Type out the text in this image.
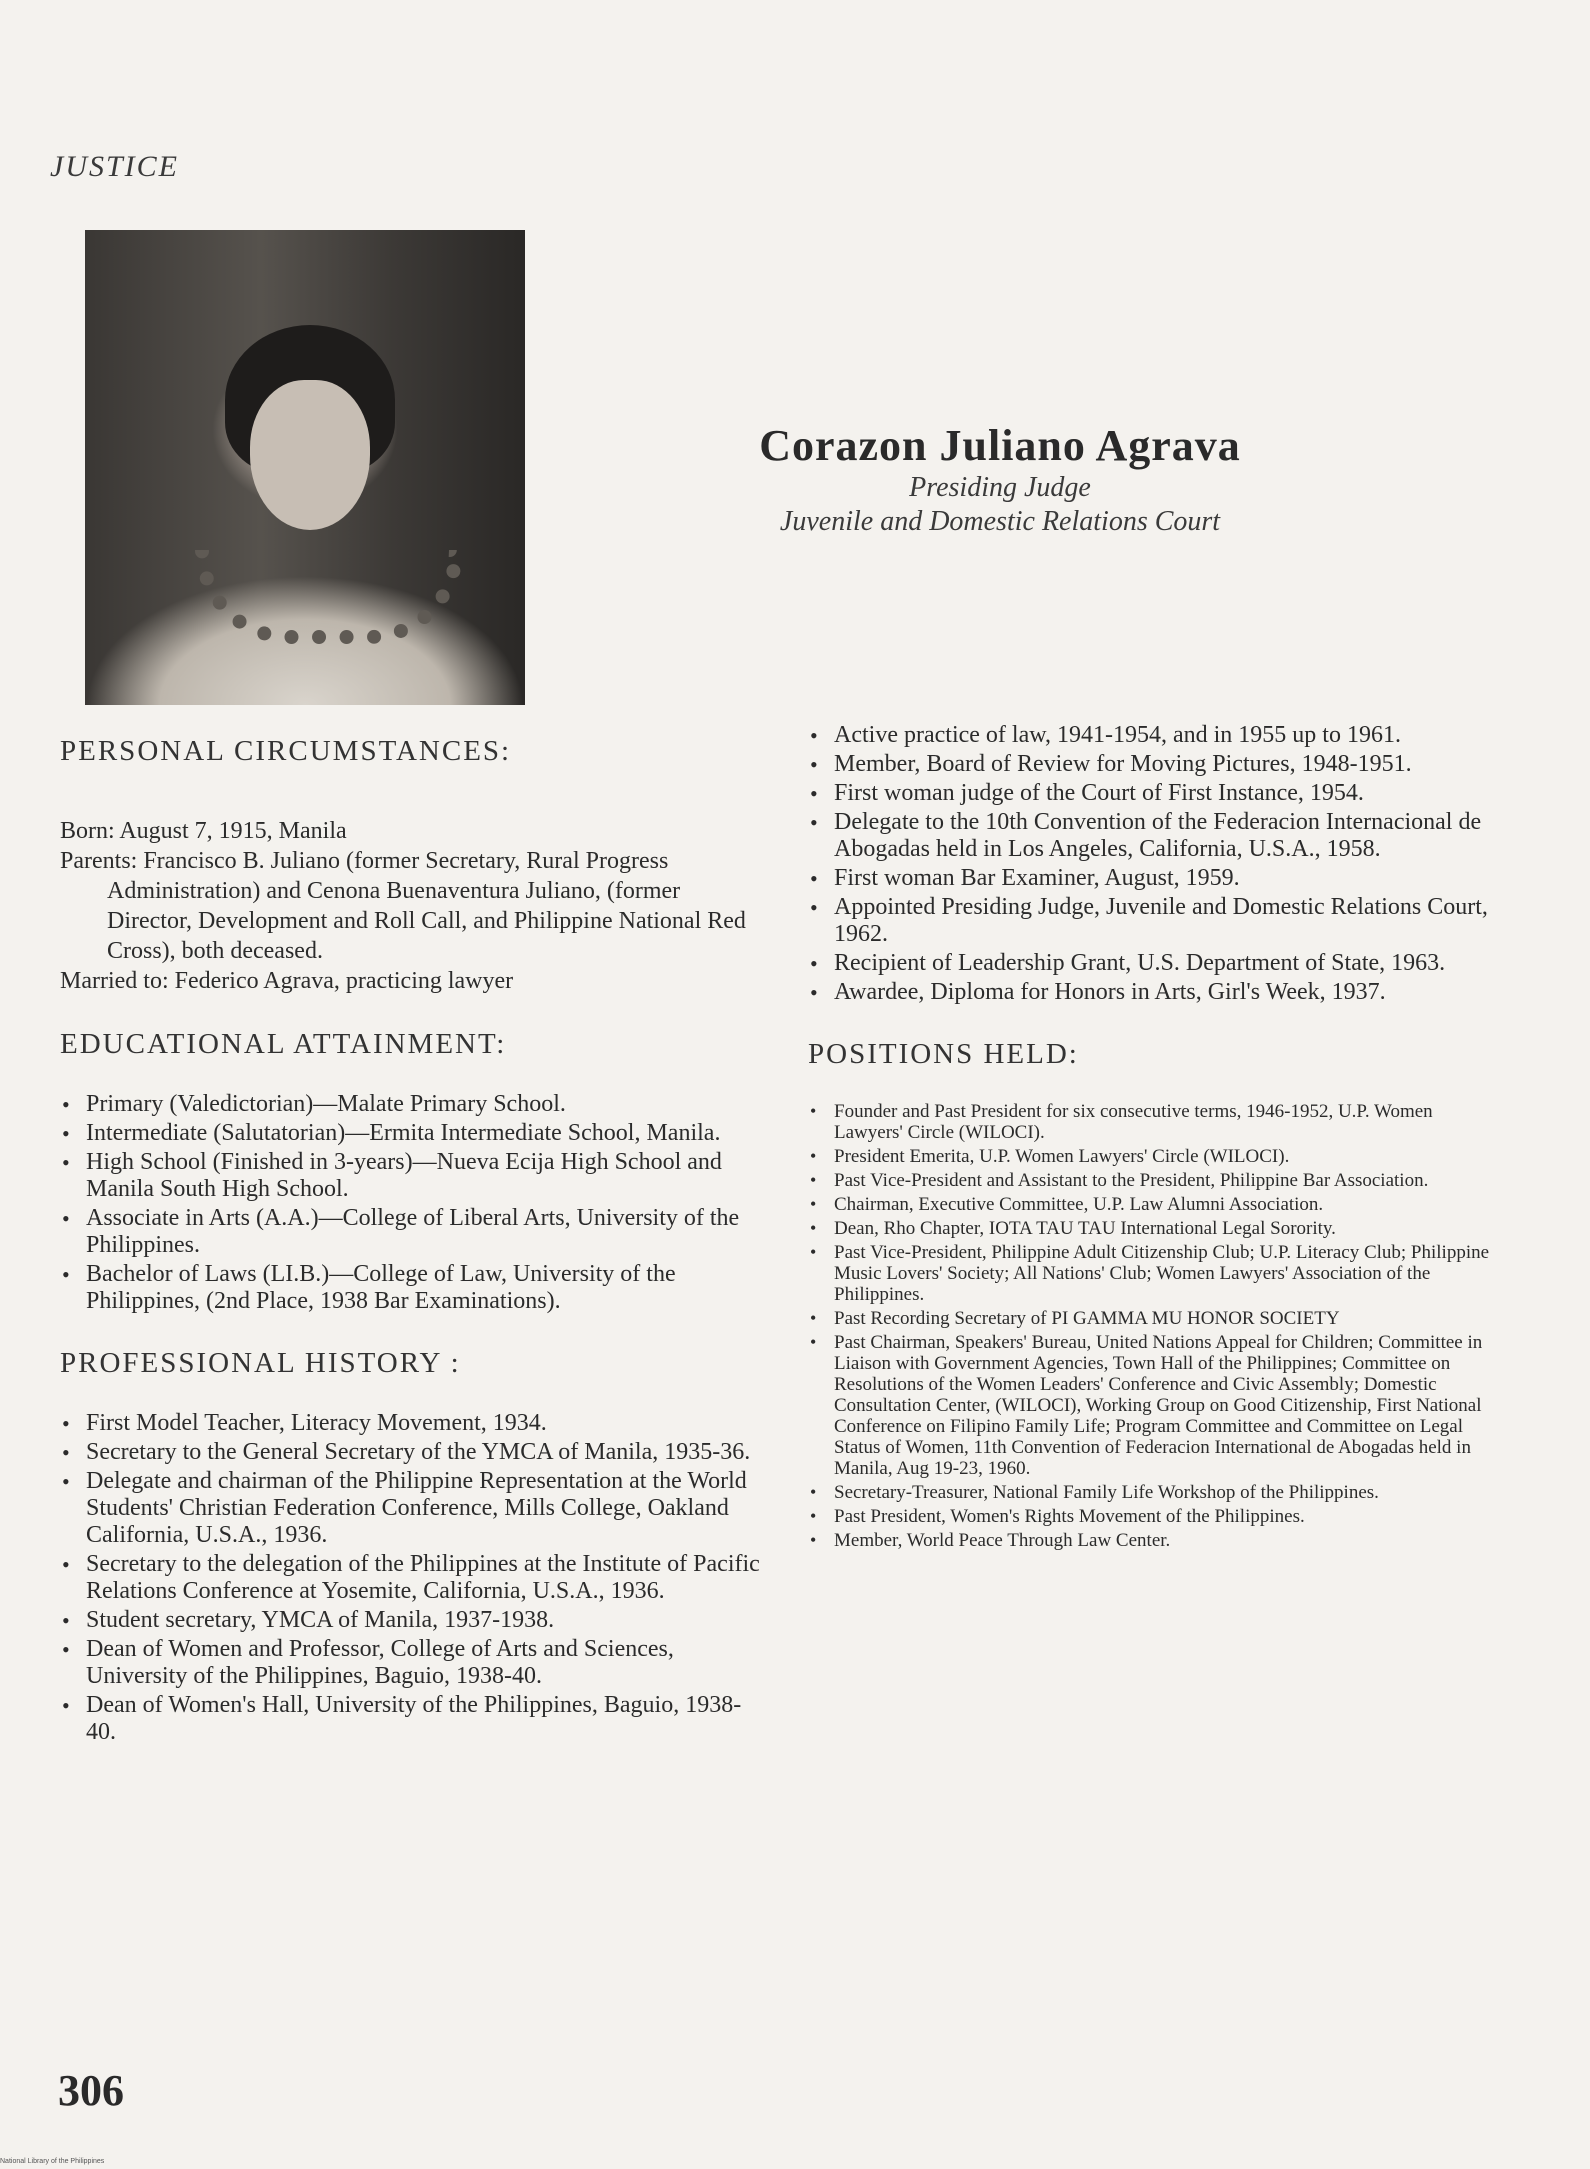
JUSTICE
Corazon Juliano Agrava
Presiding Judge
Juvenile and Domestic Relations Court
PERSONAL CIRCUMSTANCES:
Born: August 7, 1915, Manila
Parents: Francisco B. Juliano (former Secretary, Rural Progress Administration) and Cenona Buenaventura Juliano, (former Director, Development and Roll Call, and Philippine National Red Cross), both deceased.
Married to: Federico Agrava, practicing lawyer
EDUCATIONAL ATTAINMENT:
• Primary (Valedictorian)—Malate Primary School.
• Intermediate (Salutatorian)—Ermita Intermediate School, Manila.
• High School (Finished in 3-years)—Nueva Ecija High School and Manila South High School.
• Associate in Arts (A.A.)—College of Liberal Arts, University of the Philippines.
• Bachelor of Laws (LI.B.)—College of Law, University of the Philippines, (2nd Place, 1938 Bar Examinations).
PROFESSIONAL HISTORY :
• First Model Teacher, Literacy Movement, 1934.
• Secretary to the General Secretary of the YMCA of Manila, 1935-36.
• Delegate and chairman of the Philippine Representation at the World Students' Christian Federation Conference, Mills College, Oakland California, U.S.A., 1936.
• Secretary to the delegation of the Philippines at the Institute of Pacific Relations Conference at Yosemite, California, U.S.A., 1936.
• Student secretary, YMCA of Manila, 1937-1938.
• Dean of Women and Professor, College of Arts and Sciences, University of the Philippines, Baguio, 1938-40.
• Dean of Women's Hall, University of the Philippines, Baguio, 1938-40.
• Active practice of law, 1941-1954, and in 1955 up to 1961.
• Member, Board of Review for Moving Pictures, 1948-1951.
• First woman judge of the Court of First Instance, 1954.
• Delegate to the 10th Convention of the Federacion Internacional de Abogadas held in Los Angeles, California, U.S.A., 1958.
• First woman Bar Examiner, August, 1959.
• Appointed Presiding Judge, Juvenile and Domestic Relations Court, 1962.
• Recipient of Leadership Grant, U.S. Department of State, 1963.
• Awardee, Diploma for Honors in Arts, Girl's Week, 1937.
POSITIONS HELD:
• Founder and Past President for six consecutive terms, 1946-1952, U.P. Women Lawyers' Circle (WILOCI).
• President Emerita, U.P. Women Lawyers' Circle (WILOCI).
• Past Vice-President and Assistant to the President, Philippine Bar Association.
• Chairman, Executive Committee, U.P. Law Alumni Association.
• Dean, Rho Chapter, IOTA TAU TAU International Legal Sorority.
• Past Vice-President, Philippine Adult Citizenship Club; U.P. Literacy Club; Philippine Music Lovers' Society; All Nations' Club; Women Lawyers' Association of the Philippines.
• Past Recording Secretary of PI GAMMA MU HONOR SOCIETY
• Past Chairman, Speakers' Bureau, United Nations Appeal for Children; Committee in Liaison with Government Agencies, Town Hall of the Philippines; Committee on Resolutions of the Women Leaders' Conference and Civic Assembly; Domestic Consultation Center, (WILOCI), Working Group on Good Citizenship, First National Conference on Filipino Family Life; Program Committee and Committee on Legal Status of Women, 11th Convention of Federacion International de Abogadas held in Manila, Aug 19-23, 1960.
• Secretary-Treasurer, National Family Life Workshop of the Philippines.
• Past President, Women's Rights Movement of the Philippines.
• Member, World Peace Through Law Center.
306
National Library of the Philippines
